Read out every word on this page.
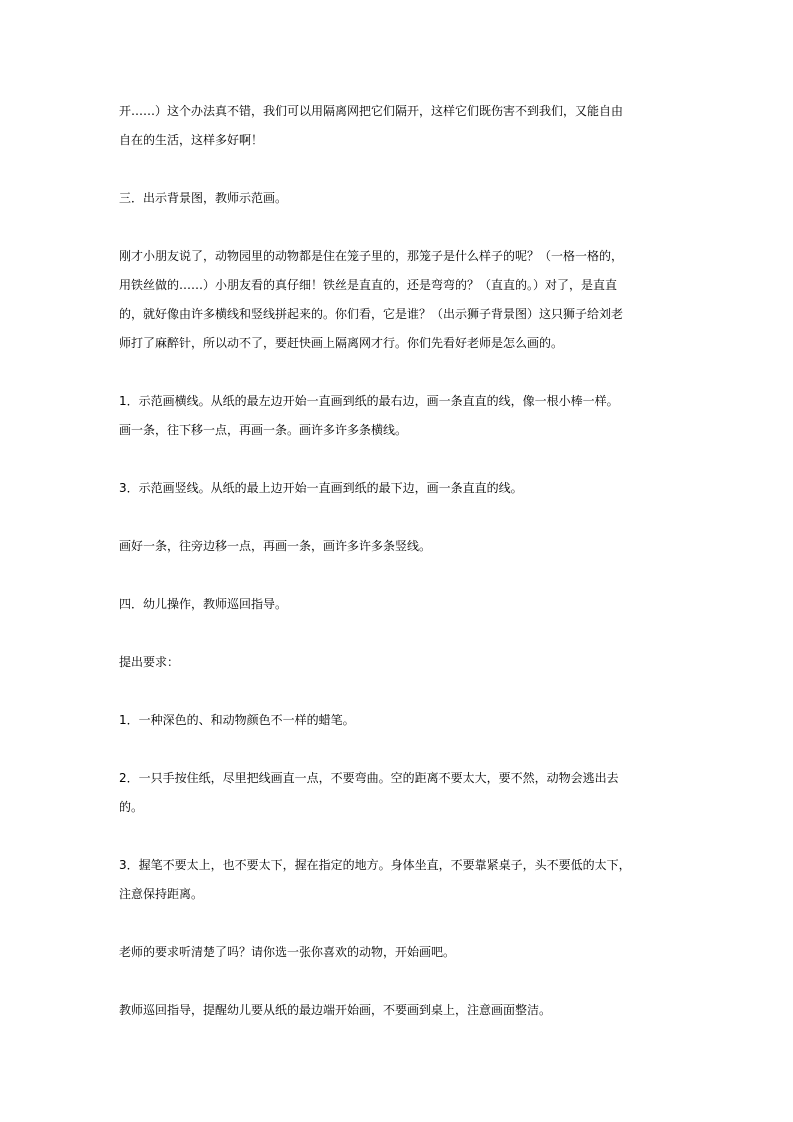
开……）这个办法真不错，我们可以用隔离网把它们隔开，这样它们既伤害不到我们，又能自由
自在的生活，这样多好啊！

三．出示背景图，教师示范画。

刚才小朋友说了，动物园里的动物都是住在笼子里的，那笼子是什么样子的呢？（一格一格的，
用铁丝做的……）小朋友看的真仔细！铁丝是直直的，还是弯弯的？（直直的。）对了，是直直
的，就好像由许多横线和竖线拼起来的。你们看，它是谁？（出示狮子背景图）这只狮子给刘老
师打了麻醉针，所以动不了，要赶快画上隔离网才行。你们先看好老师是怎么画的。

1．示范画横线。从纸的最左边开始一直画到纸的最右边，画一条直直的线，像一根小棒一样。
画一条，往下移一点，再画一条。画许多许多条横线。

3．示范画竖线。从纸的最上边开始一直画到纸的最下边，画一条直直的线。

画好一条，往旁边移一点，再画一条，画许多许多条竖线。

四．幼儿操作，教师巡回指导。

提出要求：

1．一种深色的、和动物颜色不一样的蜡笔。

2．一只手按住纸，尽里把线画直一点，不要弯曲。空的距离不要太大，要不然，动物会逃出去
的。

3．握笔不要太上，也不要太下，握在指定的地方。身体坐直，不要靠紧桌子，头不要低的太下，
注意保持距离。

老师的要求听清楚了吗？请你选一张你喜欢的动物，开始画吧。

教师巡回指导，提醒幼儿要从纸的最边端开始画，不要画到桌上，注意画面整洁。
